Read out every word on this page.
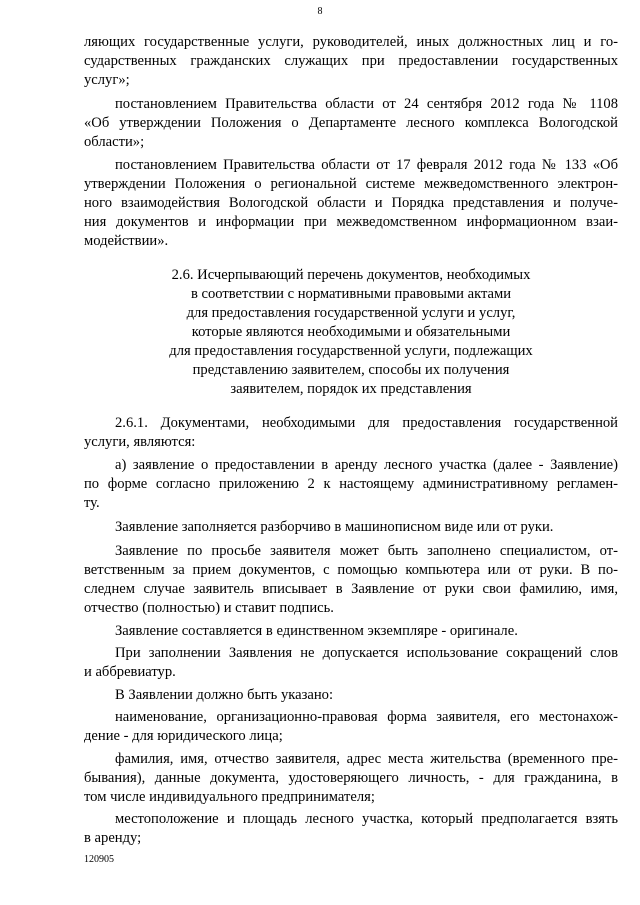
8
ляющих государственные услуги, руководителей, иных должностных лиц и го-
сударственных гражданских служащих при предоставлении государственных
услуг»;
постановлением Правительства области от 24 сентября 2012 года № 1108
«Об утверждении Положения о Департаменте лесного комплекса Вологодской
области»;
постановлением Правительства области от 17 февраля 2012 года № 133 «Об
утверждении Положения о региональной системе межведомственного электрон-
ного взаимодействия Вологодской области и Порядка представления и получе-
ния документов и информации при межведомственном информационном взаи-
модействии».
2.6. Исчерпывающий перечень документов, необходимых
в соответствии с нормативными правовыми актами
для предоставления государственной услуги и услуг,
которые являются необходимыми и обязательными
для предоставления государственной услуги, подлежащих
представлению заявителем, способы их получения
заявителем, порядок их представления
2.6.1. Документами, необходимыми для предоставления государственной
услуги, являются:
а) заявление о предоставлении в аренду лесного участка (далее - Заявление)
по форме согласно приложению 2 к настоящему административному регламен-
ту.
Заявление заполняется разборчиво в машинописном виде или от руки.
Заявление по просьбе заявителя может быть заполнено специалистом, от-
ветственным за прием документов, с помощью компьютера или от руки. В по-
следнем случае заявитель вписывает в Заявление от руки свои фамилию, имя,
отчество (полностью) и ставит подпись.
Заявление составляется в единственном экземпляре - оригинале.
При заполнении Заявления не допускается использование сокращений слов
и аббревиатур.
В Заявлении должно быть указано:
наименование, организационно-правовая форма заявителя, его местонахож-
дение - для юридического лица;
фамилия, имя, отчество заявителя, адрес места жительства (временного пре-
бывания), данные документа, удостоверяющего личность, - для гражданина, в
том числе индивидуального предпринимателя;
местоположение и площадь лесного участка, который предполагается взять
в аренду;
120905
